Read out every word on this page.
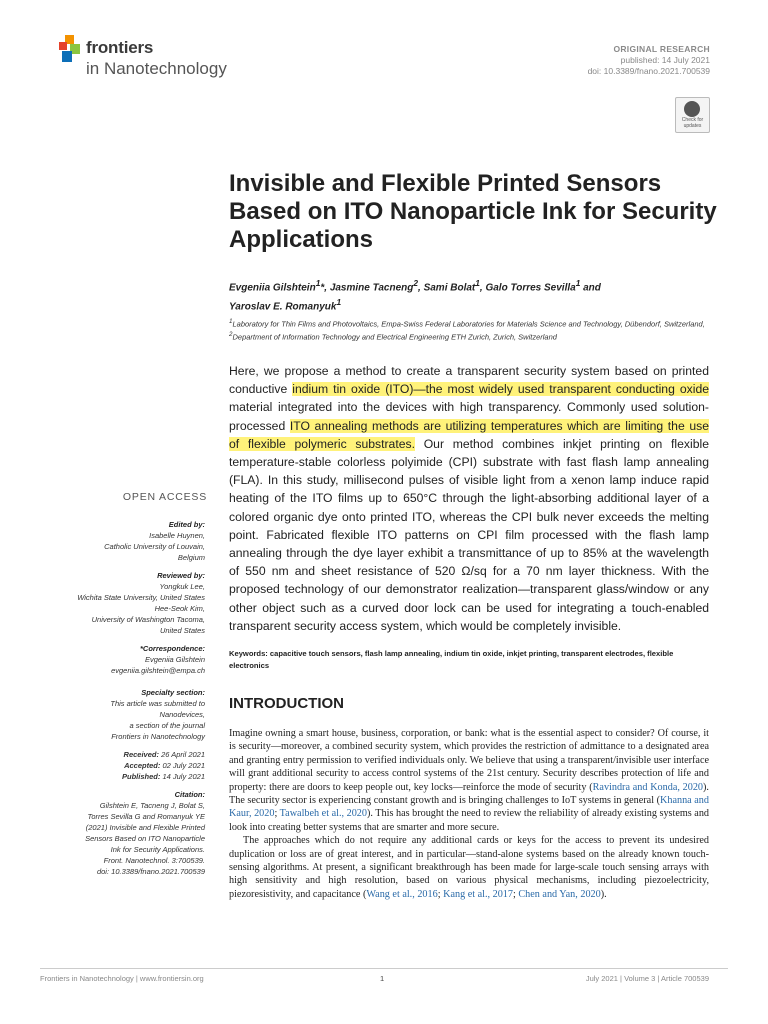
frontiers
in Nanotechnology
ORIGINAL RESEARCH
published: 14 July 2021
doi: 10.3389/fnano.2021.700539
Check for updates
Invisible and Flexible Printed Sensors Based on ITO Nanoparticle Ink for Security Applications
Evgeniia Gilshtein$^1$*, Jasmine Tacneng$^2$, Sami Bolat$^1$, Galo Torres Sevilla$^1$ and
Yaroslav E. Romanyuk$^1$
$^1$Laboratory for Thin Films and Photovoltaics, Empa-Swiss Federal Laboratories for Materials Science and Technology, Dübendorf, Switzerland, $^2$Department of Information Technology and Electrical Engineering ETH Zurich, Zurich, Switzerland
Here, we propose a method to create a transparent security system based on printed conductive indium tin oxide (ITO)—the most widely used transparent conducting oxide material integrated into the devices with high transparency. Commonly used solution-processed ITO annealing methods are utilizing temperatures which are limiting the use of flexible polymeric substrates. Our method combines inkjet printing on flexible temperature-stable colorless polyimide (CPI) substrate with fast flash lamp annealing (FLA). In this study, millisecond pulses of visible light from a xenon lamp induce rapid heating of the ITO films up to 650°C through the light-absorbing additional layer of a colored organic dye onto printed ITO, whereas the CPI bulk never exceeds the melting point. Fabricated flexible ITO patterns on CPI film processed with the flash lamp annealing through the dye layer exhibit a transmittance of up to 85% at the wavelength of 550 nm and sheet resistance of 520 Ω/sq for a 70 nm layer thickness. With the proposed technology of our demonstrator realization—transparent glass/window or any other object such as a curved door lock can be used for integrating a touch-enabled transparent security access system, which would be completely invisible.
Keywords: capacitive touch sensors, flash lamp annealing, indium tin oxide, inkjet printing, transparent electrodes, flexible electronics
INTRODUCTION

Imagine owning a smart house, business, corporation, or bank: what is the essential aspect to consider? Of course, it is security—moreover, a combined security system, which provides the restriction of admittance to a designated area and granting entry permission to verified individuals only. We believe that using a transparent/invisible user interface will grant additional security to access control systems of the 21st century. Security describes protection of life and property: there are doors to keep people out, key locks—reinforce the mode of security (Ravindra and Konda, 2020). The security sector is experiencing constant growth and is bringing challenges to IoT systems in general (Khanna and Kaur, 2020; Tawalbeh et al., 2020). This has brought the need to review the reliability of already existing systems and look into creating better systems that are smarter and more secure.

The approaches which do not require any additional cards or keys for the access to prevent its undesired duplication or loss are of great interest, and in particular—stand-alone systems based on the already known touch-sensing algorithms. At present, a significant breakthrough has been made for large-scale touch sensing arrays with high sensitivity and high resolution, based on various physical mechanisms, including piezoelectricity, piezoresistivity, and capacitance (Wang et al., 2016; Kang et al., 2017; Chen and Yan, 2020).

OPEN ACCESS
Edited by:
Isabelle Huynen,
Catholic University of Louvain,
Belgium
Reviewed by:
Yongkuk Lee,
Wichita State University, United States
Hee-Seok Kim,
University of Washington Tacoma,
United States
*Correspondence:
Evgeniia Gilshtein
evgeniia.gilshtein@empa.ch
Specialty section:
This article was submitted to
Nanodevices,
a section of the journal
Frontiers in Nanotechnology
Received: 26 April 2021
Accepted: 02 July 2021
Published: 14 July 2021
Citation:
Gilshtein E, Tacneng J, Bolat S,
Torres Sevilla G and Romanyuk YE
(2021) Invisible and Flexible Printed
Sensors Based on ITO Nanoparticle
Ink for Security Applications.
Front. Nanotechnol. 3:700539.
doi: 10.3389/fnano.2021.700539
Frontiers in Nanotechnology | www.frontiersin.org	1	July 2021 | Volume 3 | Article 700539
